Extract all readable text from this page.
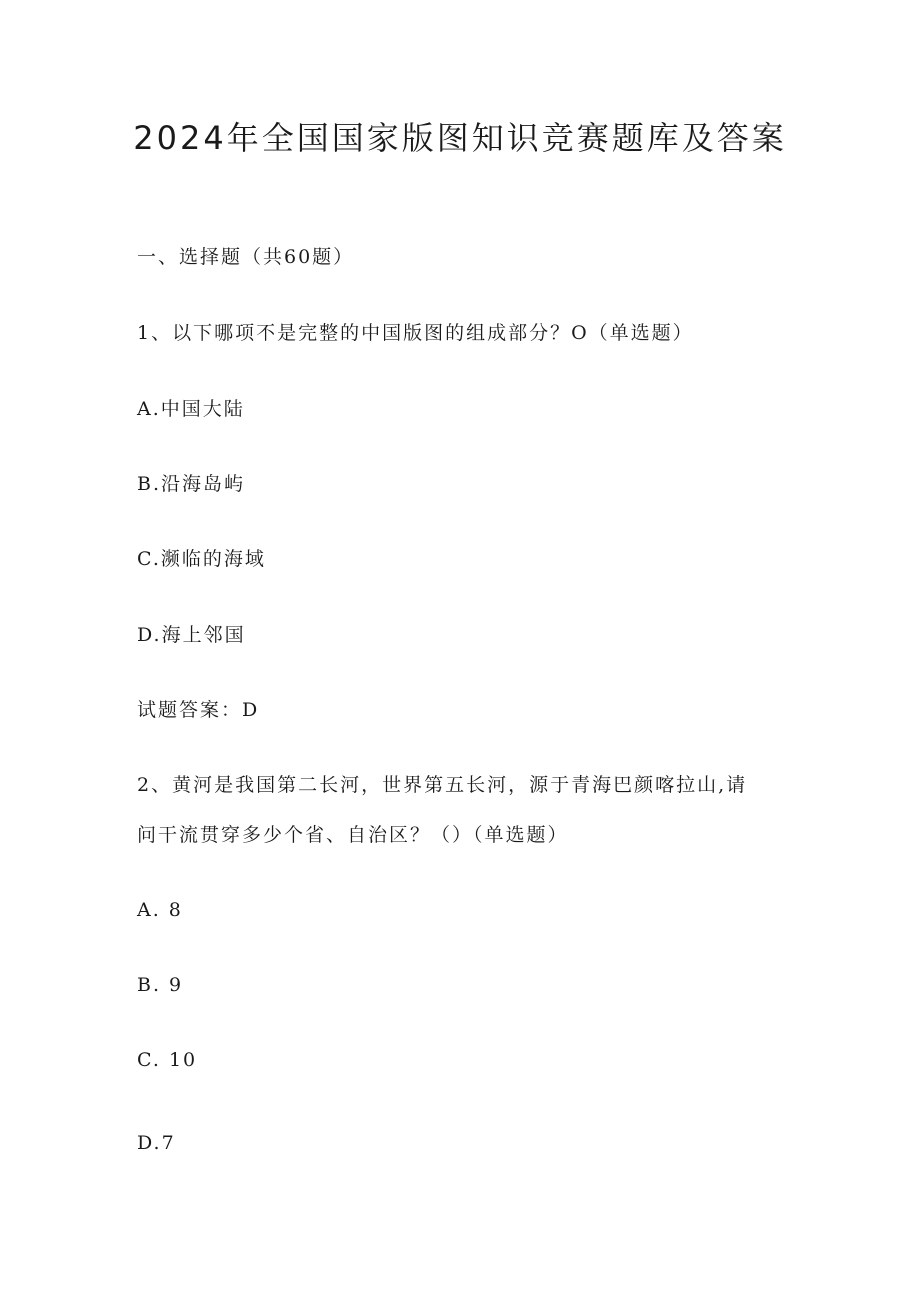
2024年全国国家版图知识竞赛题库及答案
一、选择题（共60题）
1、以下哪项不是完整的中国版图的组成部分？O（单选题）
A.中国大陆
B.沿海岛屿
C.濒临的海域
D.海上邻国
试题答案：D
2、黄河是我国第二长河，世界第五长河，源于青海巴颜喀拉山,请
问干流贯穿多少个省、自治区？（）（单选题）
A. 8
B. 9
C. 10
D.7
